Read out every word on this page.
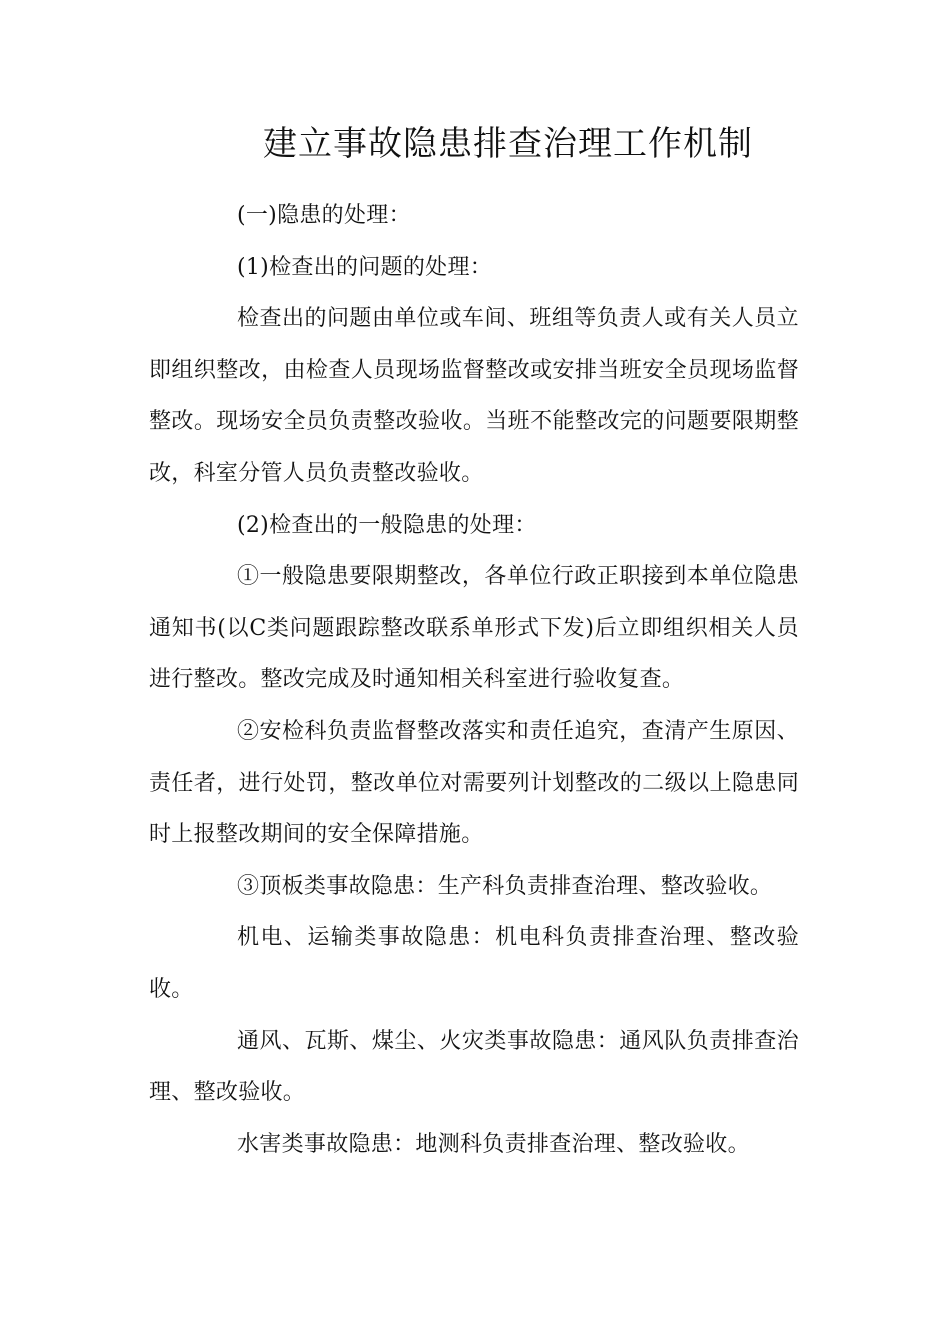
建立事故隐患排查治理工作机制

(一)隐患的处理：

(1)检查出的问题的处理：

检查出的问题由单位或车间、班组等负责人或有关人员立即组织整改，由检查人员现场监督整改或安排当班安全员现场监督整改。现场安全员负责整改验收。当班不能整改完的问题要限期整改，科室分管人员负责整改验收。

(2)检查出的一般隐患的处理：

①一般隐患要限期整改，各单位行政正职接到本单位隐患通知书(以C类问题跟踪整改联系单形式下发)后立即组织相关人员进行整改。整改完成及时通知相关科室进行验收复查。

②安检科负责监督整改落实和责任追究，查清产生原因、责任者，进行处罚，整改单位对需要列计划整改的二级以上隐患同时上报整改期间的安全保障措施。

③顶板类事故隐患：生产科负责排查治理、整改验收。

机电、运输类事故隐患：机电科负责排查治理、整改验收。

通风、瓦斯、煤尘、火灾类事故隐患：通风队负责排查治理、整改验收。

水害类事故隐患：地测科负责排查治理、整改验收。
